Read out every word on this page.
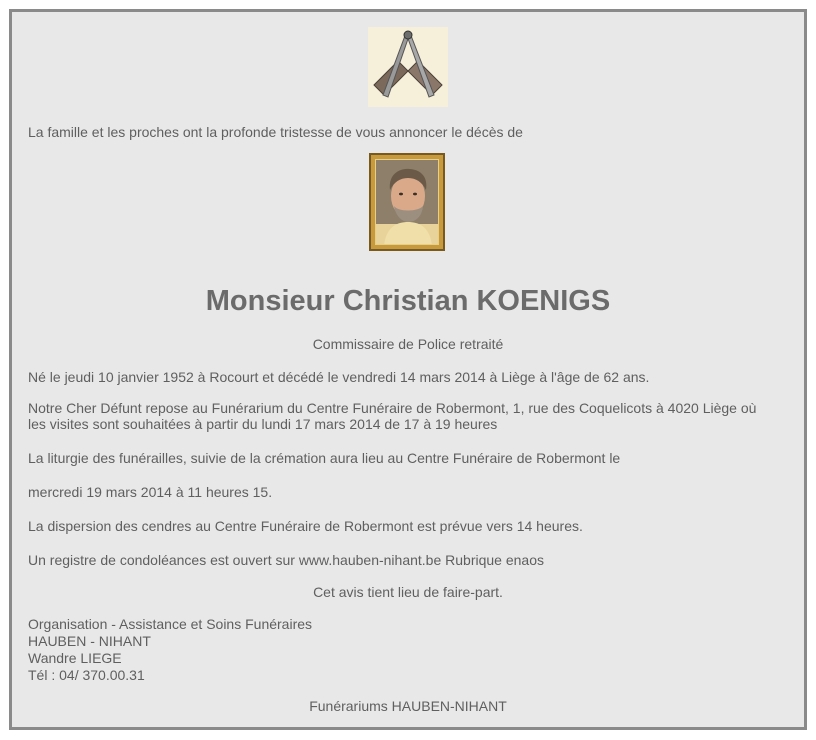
La famille et les proches ont la profonde tristesse de vous annoncer le décès de
Monsieur Christian KOENIGS
Commissaire de Police retraité
Né le jeudi 10 janvier 1952 à Rocourt et décédé le vendredi 14 mars 2014 à Liège à l'âge de 62 ans.
Notre Cher Défunt repose au Funérarium du Centre Funéraire de Robermont, 1, rue des Coquelicots à 4020 Liège où
les visites sont souhaitées à partir du lundi 17 mars 2014 de 17 à 19 heures
La liturgie des funérailles, suivie de la crémation aura lieu au Centre Funéraire de Robermont le
mercredi 19 mars 2014 à 11 heures 15.
La dispersion des cendres au Centre Funéraire de Robermont est prévue vers 14 heures.
Un registre de condoléances est ouvert sur www.hauben-nihant.be Rubrique enaos
Cet avis tient lieu de faire-part.
Organisation - Assistance et Soins Funéraires
HAUBEN - NIHANT
Wandre LIEGE
Tél : 04/ 370.00.31
Funérariums HAUBEN-NIHANT
